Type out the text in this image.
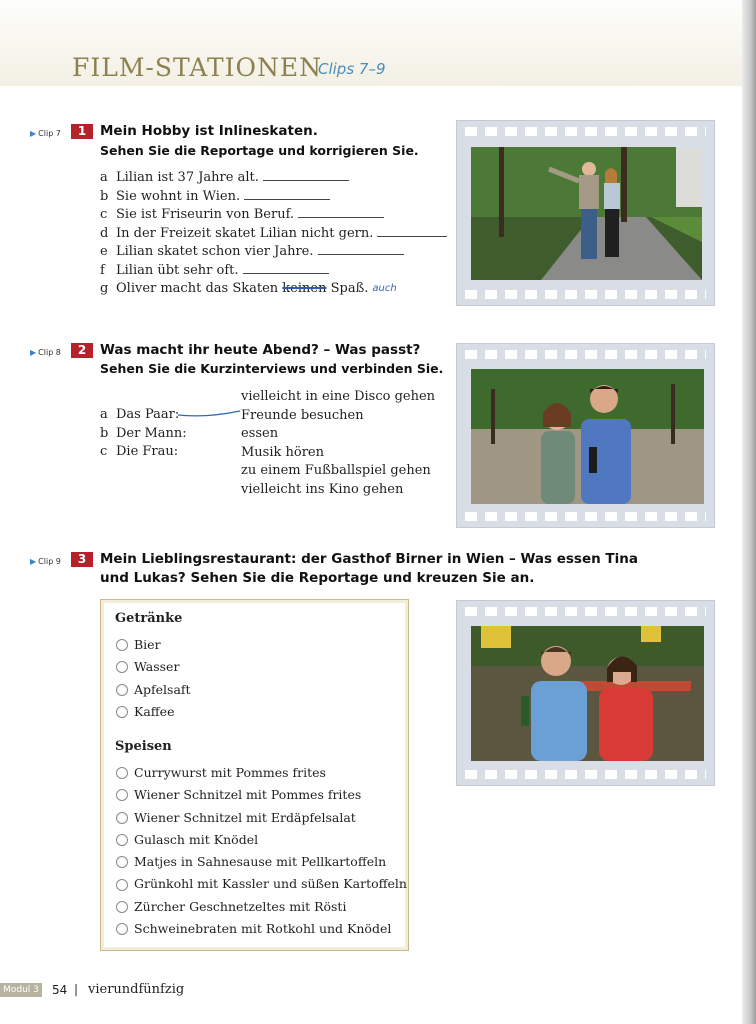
FILM-STATIONEN
Clips 7–9
▶ Clip 7	1	Mein Hobby ist Inlineskaten.
Sehen Sie die Reportage und korrigieren Sie.
a Lilian ist 37 Jahre alt.
b Sie wohnt in Wien.
c Sie ist Friseurin von Beruf.
d In der Freizeit skatet Lilian nicht gern.
e Lilian skatet schon vier Jahre.
f Lilian übt sehr oft.
g Oliver macht das Skaten
keinen
Spaß. auch
▶ Clip 8	2	Was macht ihr heute Abend? – Was passt?
Sehen Sie die Kurzinterviews und verbinden Sie.
a Das Paar:
b Der Mann:
c Die Frau:
vielleicht in eine Disco gehen
Freunde besuchen
essen
Musik hören
zu einem Fußballspiel gehen
vielleicht ins Kino gehen
▶ Clip 9	3	Mein Lieblingsrestaurant: der Gasthof Birner in Wien – Was essen Tina
und Lukas? Sehen Sie die Reportage und kreuzen Sie an.
Getränke
Bier
Wasser
Apfelsaft
Kaffee
Speisen
Currywurst mit Pommes frites
Wiener Schnitzel mit Pommes frites
Wiener Schnitzel mit Erdäpfelsalat
Gulasch mit Knödel
Matjes in Sahnesause mit Pellkartoffeln
Grünkohl mit Kassler und süßen Kartoffeln
Zürcher Geschnetzeltes mit Rösti
Schweinebraten mit Rotkohl und Knödel
Modul 3 54 | vierundfünfzig
